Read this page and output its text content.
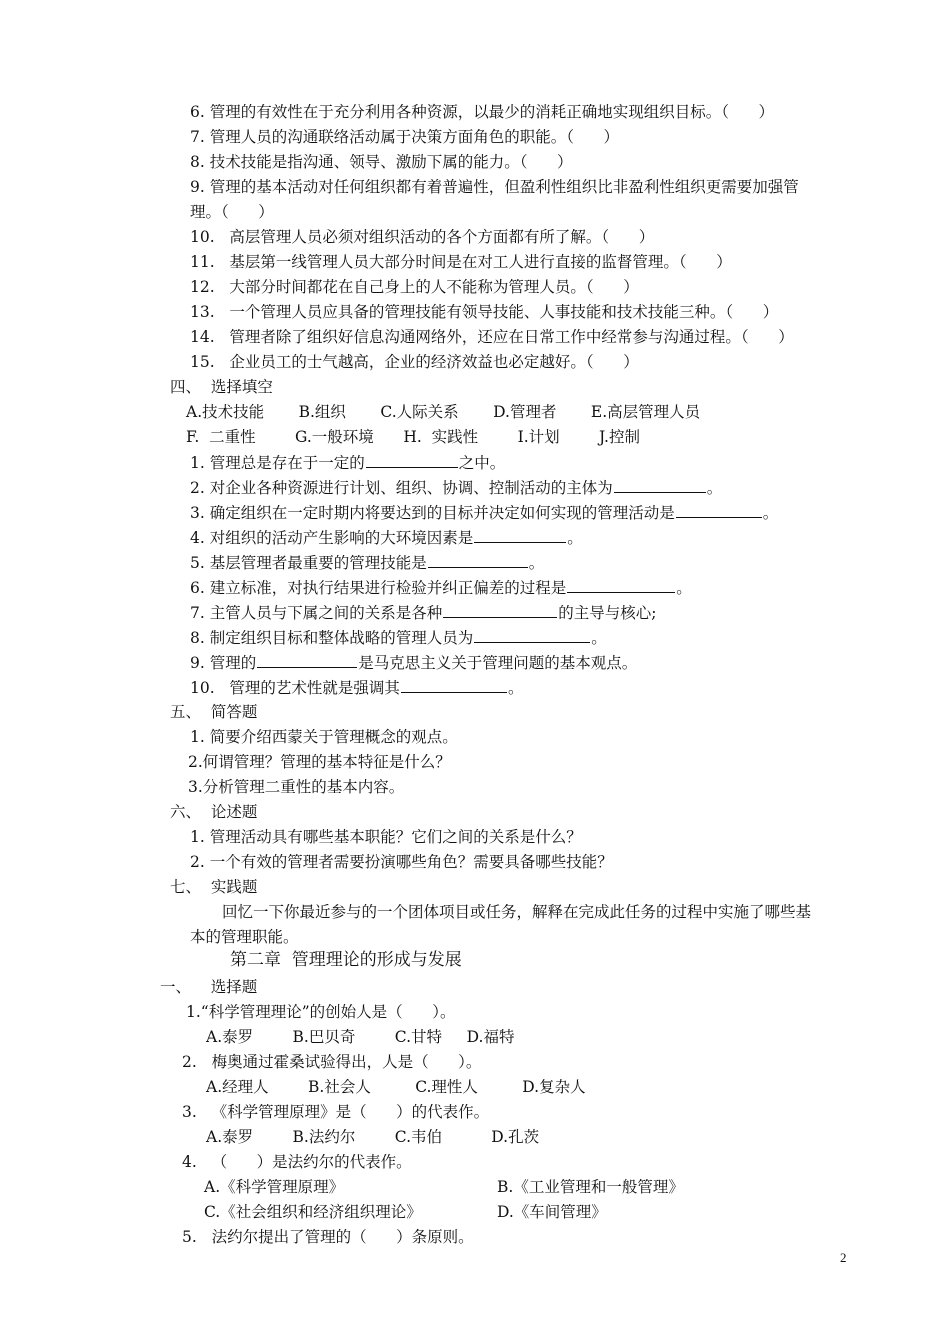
6. 管理的有效性在于充分利用各种资源，以最少的消耗正确地实现组织目标。（      ）
7. 管理人员的沟通联络活动属于决策方面角色的职能。（      ）
8. 技术技能是指沟通、领导、激励下属的能力。（      ）
9. 管理的基本活动对任何组织都有着普遍性，但盈利性组织比非盈利性组织更需要加强管
理。（      ）
10.   高层管理人员必须对组织活动的各个方面都有所了解。（      ）
11.   基层第一线管理人员大部分时间是在对工人进行直接的监督管理。（      ）
12.   大部分时间都花在自己身上的人不能称为管理人员。（      ）
13.   一个管理人员应具备的管理技能有领导技能、人事技能和技术技能三种。（      ）
14.   管理者除了组织好信息沟通网络外，还应在日常工作中经常参与沟通过程。（      ）
15.   企业员工的士气越高，企业的经济效益也必定越好。（      ）
四、  选择填空
A.技术技能       B.组织       C.人际关系       D.管理者       E.高层管理人员
F.  二重性        G.一般环境      H.  实践性        I.计划        J.控制
1. 管理总是存在于一定的	之中。
2. 对企业各种资源进行计划、组织、协调、控制活动的主体为	。
3. 确定组织在一定时期内将要达到的目标并决定如何实现的管理活动是	。
4. 对组织的活动产生影响的大环境因素是	。
5. 基层管理者最重要的管理技能是	。
6. 建立标准，对执行结果进行检验并纠正偏差的过程是	。
7. 主管人员与下属之间的关系是各种	的主导与核心;
8. 制定组织目标和整体战略的管理人员为	。
9. 管理的	是马克思主义关于管理问题的基本观点。
10.   管理的艺术性就是强调其	。
五、  简答题
1. 简要介绍西蒙关于管理概念的观点。
2.何谓管理？管理的基本特征是什么？
3.分析管理二重性的基本内容。
六、  论述题
1. 管理活动具有哪些基本职能？它们之间的关系是什么？
2. 一个有效的管理者需要扮演哪些角色？需要具备哪些技能？
七、  实践题
回忆一下你最近参与的一个团体项目或任务，解释在完成此任务的过程中实施了哪些基
本的管理职能。
第二章  管理理论的形成与发展
一、    选择题
1.“科学管理理论”的创始人是（      ）。
A.泰罗        B.巴贝奇        C.甘特     D.福特
2.   梅奥通过霍桑试验得出，人是（      ）。
A.经理人        B.社会人         C.理性人         D.复杂人
3.   《科学管理原理》是（      ）的代表作。
A.泰罗        B.法约尔        C.韦伯          D.孔茨
4.   （      ）是法约尔的代表作。
A.《科学管理原理》	B.《工业管理和一般管理》
C.《社会组织和经济组织理论》	D.《车间管理》
5.   法约尔提出了管理的（      ）条原则。
2
